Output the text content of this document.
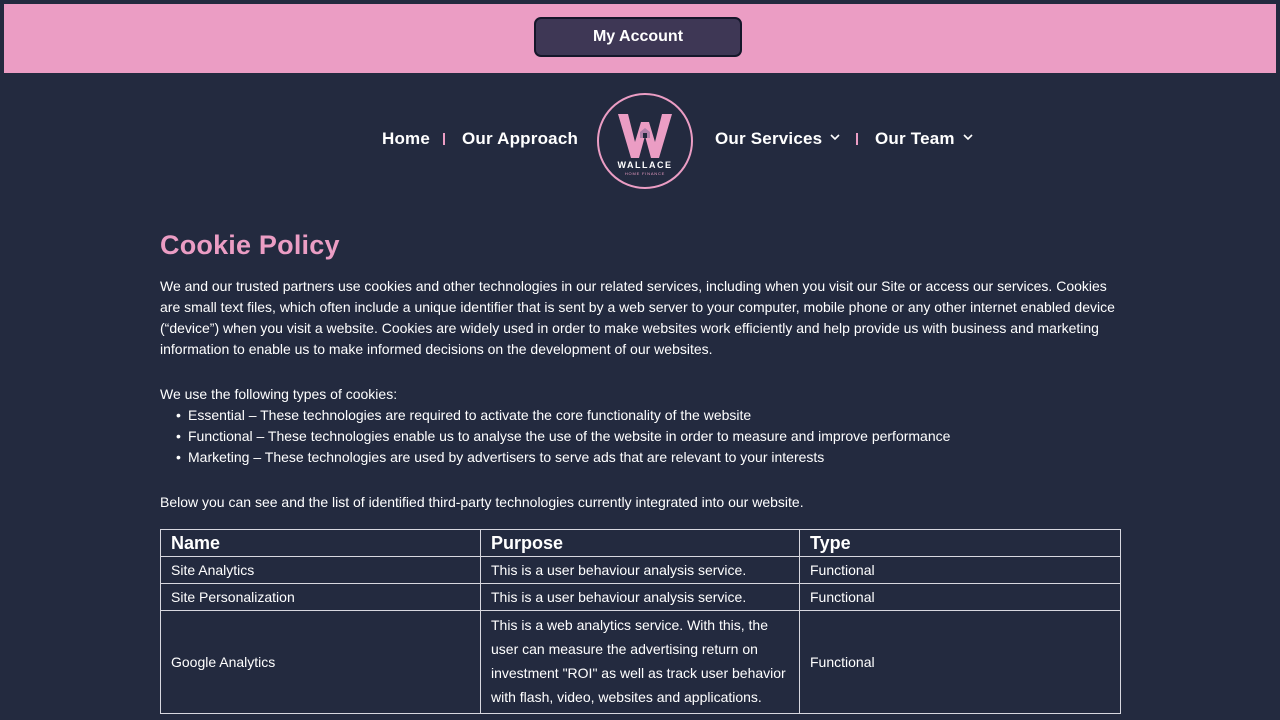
My Account
Home Our Approach
WALLACE
HOME FINANCE
Our Services	Our Team
Cookie Policy

We and our trusted partners use cookies and other technologies in our related services, including when you visit our Site or access our services. Cookies are small text files, which often include a unique identifier that is sent by a web server to your computer, mobile phone or any other internet enabled device (“device”) when you visit a website. Cookies are widely used in order to make websites work efficiently and help provide us with business and marketing information to enable us to make informed decisions on the development of our websites.

We use the following types of cookies:

• Essential – These technologies are required to activate the core functionality of the website
• Functional – These technologies enable us to analyse the use of the website in order to measure and improve performance
• Marketing – These technologies are used by advertisers to serve ads that are relevant to your interests

Below you can see and the list of identified third-party technologies currently integrated into our website.

Name	Purpose	Type
Site Analytics	This is a user behaviour analysis service.	Functional
Site Personalization	This is a user behaviour analysis service.	Functional
Google Analytics	This is a web analytics service. With this, the user can measure the advertising return on investment "ROI" as well as track user behavior with flash, video, websites and applications.	Functional
